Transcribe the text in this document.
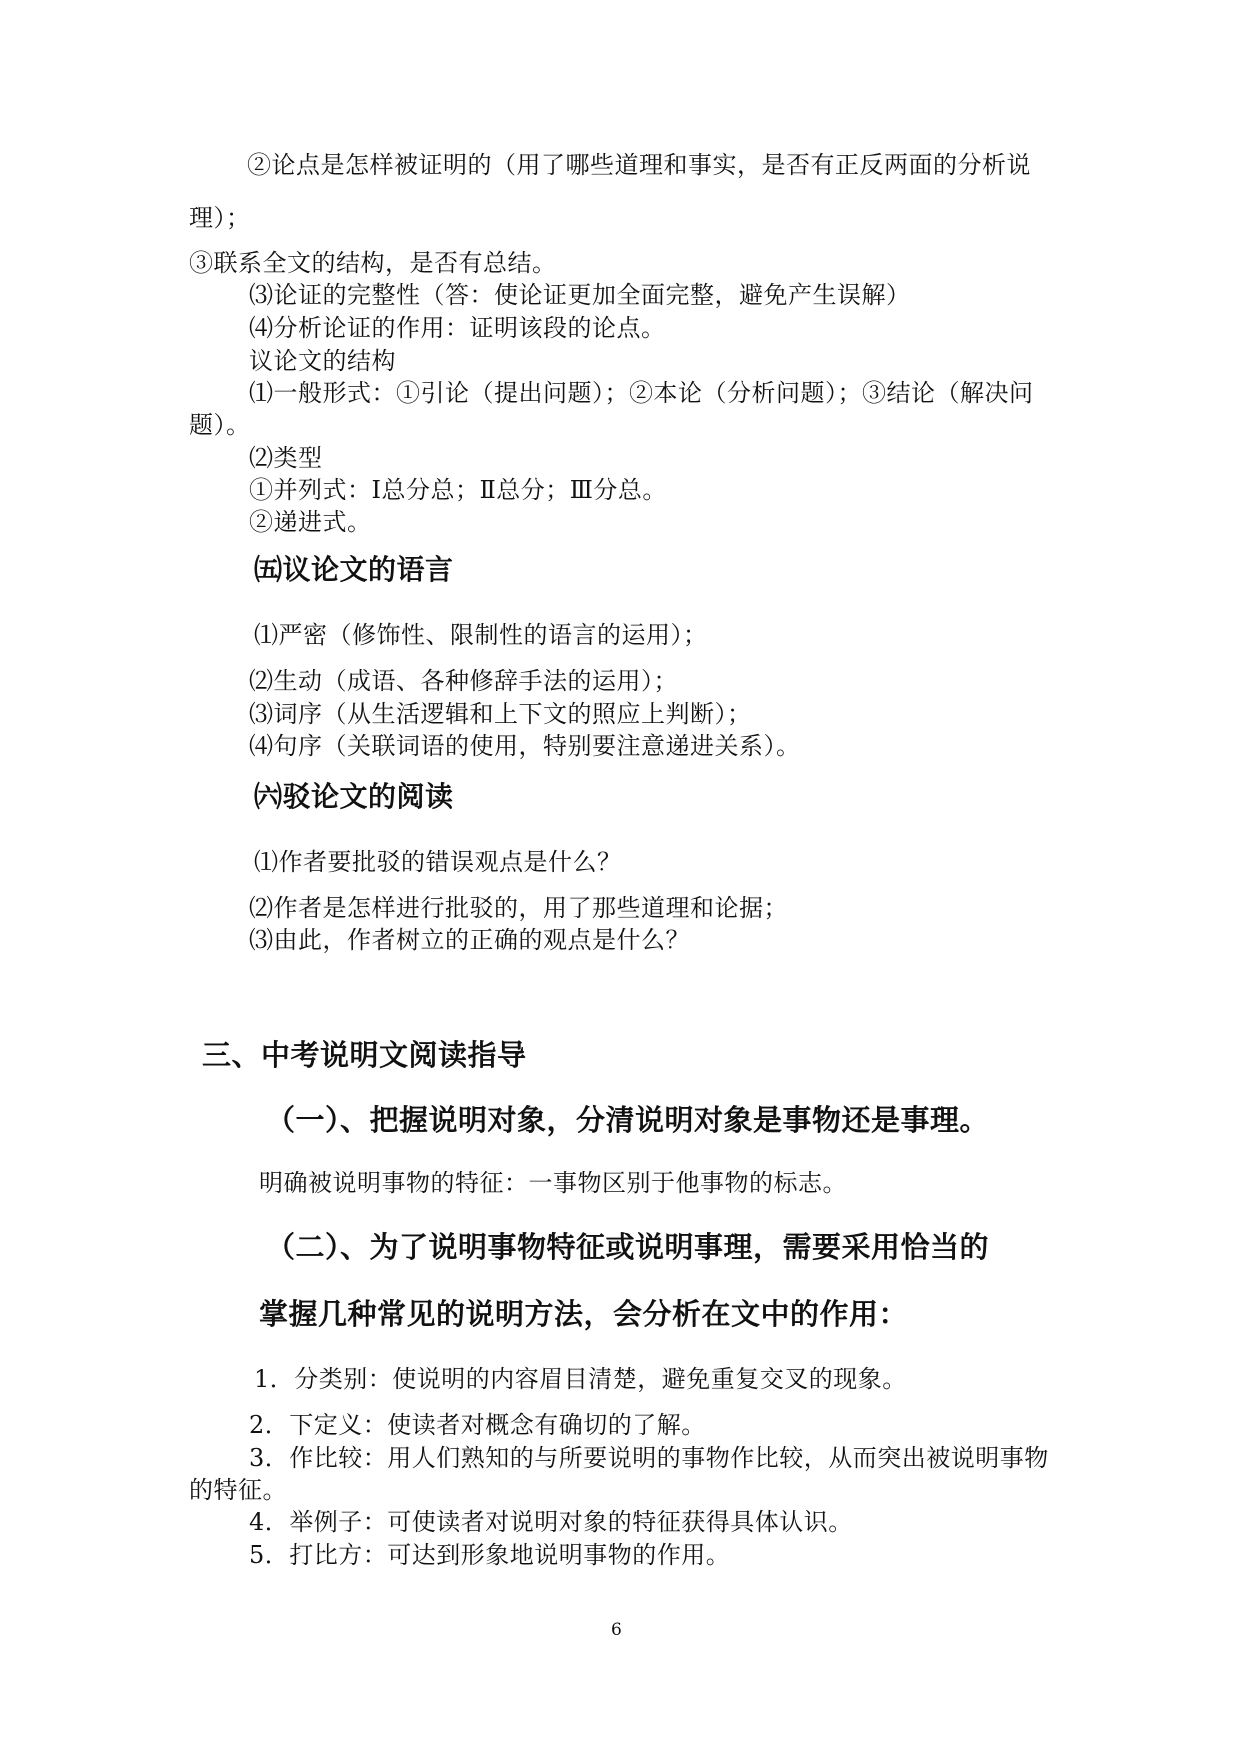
②论点是怎样被证明的（用了哪些道理和事实，是否有正反两面的分析说
理）；
③联系全文的结构，是否有总结。
⑶论证的完整性（答：使论证更加全面完整，避免产生误解）
⑷分析论证的作用：证明该段的论点。
议论文的结构
⑴一般形式：①引论（提出问题）；②本论（分析问题）；③结论（解决问
题）。
⑵类型
①并列式：Ⅰ总分总；Ⅱ总分；Ⅲ分总。
②递进式。
㈤议论文的语言
⑴严密（修饰性、限制性的语言的运用）；
⑵生动（成语、各种修辞手法的运用）；
⑶词序（从生活逻辑和上下文的照应上判断）；
⑷句序（关联词语的使用，特别要注意递进关系）。
㈥驳论文的阅读
⑴作者要批驳的错误观点是什么？
⑵作者是怎样进行批驳的，用了那些道理和论据；
⑶由此，作者树立的正确的观点是什么？
三、中考说明文阅读指导
（一）、把握说明对象，分清说明对象是事物还是事理。
明确被说明事物的特征：一事物区别于他事物的标志。
（二）、为了说明事物特征或说明事理，需要采用恰当的
掌握几种常见的说明方法，会分析在文中的作用：
1．分类别：使说明的内容眉目清楚，避免重复交叉的现象。
2．下定义：使读者对概念有确切的了解。
3．作比较：用人们熟知的与所要说明的事物作比较，从而突出被说明事物
的特征。
4．举例子：可使读者对说明对象的特征获得具体认识。
5．打比方：可达到形象地说明事物的作用。
6
